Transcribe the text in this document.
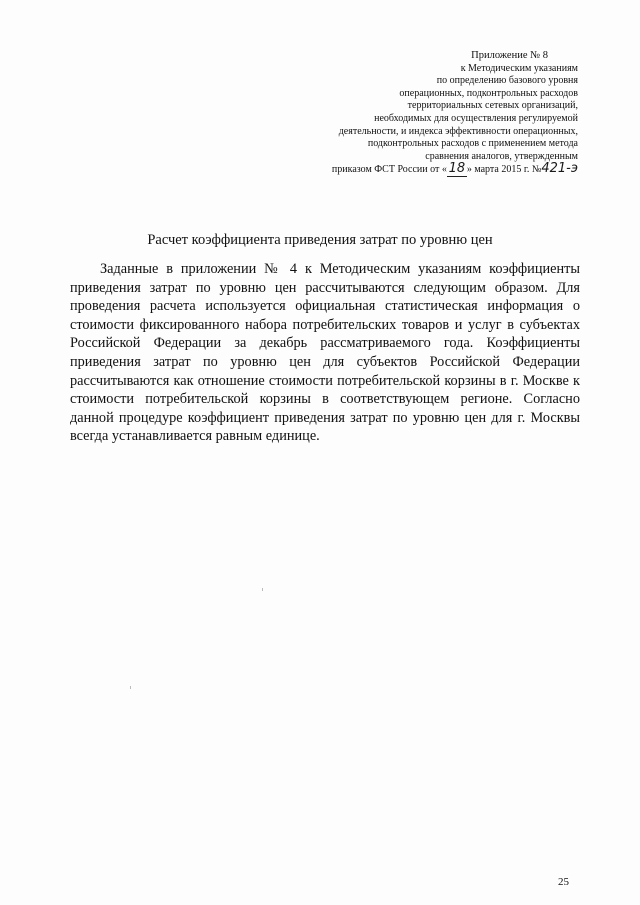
Приложение № 8
к Методическим указаниям
по определению базового уровня
операционных, подконтрольных расходов
территориальных сетевых организаций,
необходимых для осуществления регулируемой
деятельности, и индекса эффективности операционных,
подконтрольных расходов с применением метода
сравнения аналогов, утвержденным
приказом ФСТ России от « 18 » марта 2015 г. №421-э
Расчет коэффициента приведения затрат по уровню цен
Заданные в приложении № 4 к Методическим указаниям коэффициенты приведения затрат по уровню цен рассчитываются следующим образом. Для проведения расчета используется официальная статистическая информация о стоимости фиксированного набора потребительских товаров и услуг в субъектах Российской Федерации за декабрь рассматриваемого года. Коэффициенты приведения затрат по уровню цен для субъектов Российской Федерации рассчитываются как отношение стоимости потребительской корзины в г. Москве к стоимости потребительской корзины в соответствующем регионе. Согласно данной процедуре коэффициент приведения затрат по уровню цен для г. Москвы всегда устанавливается равным единице.
25
